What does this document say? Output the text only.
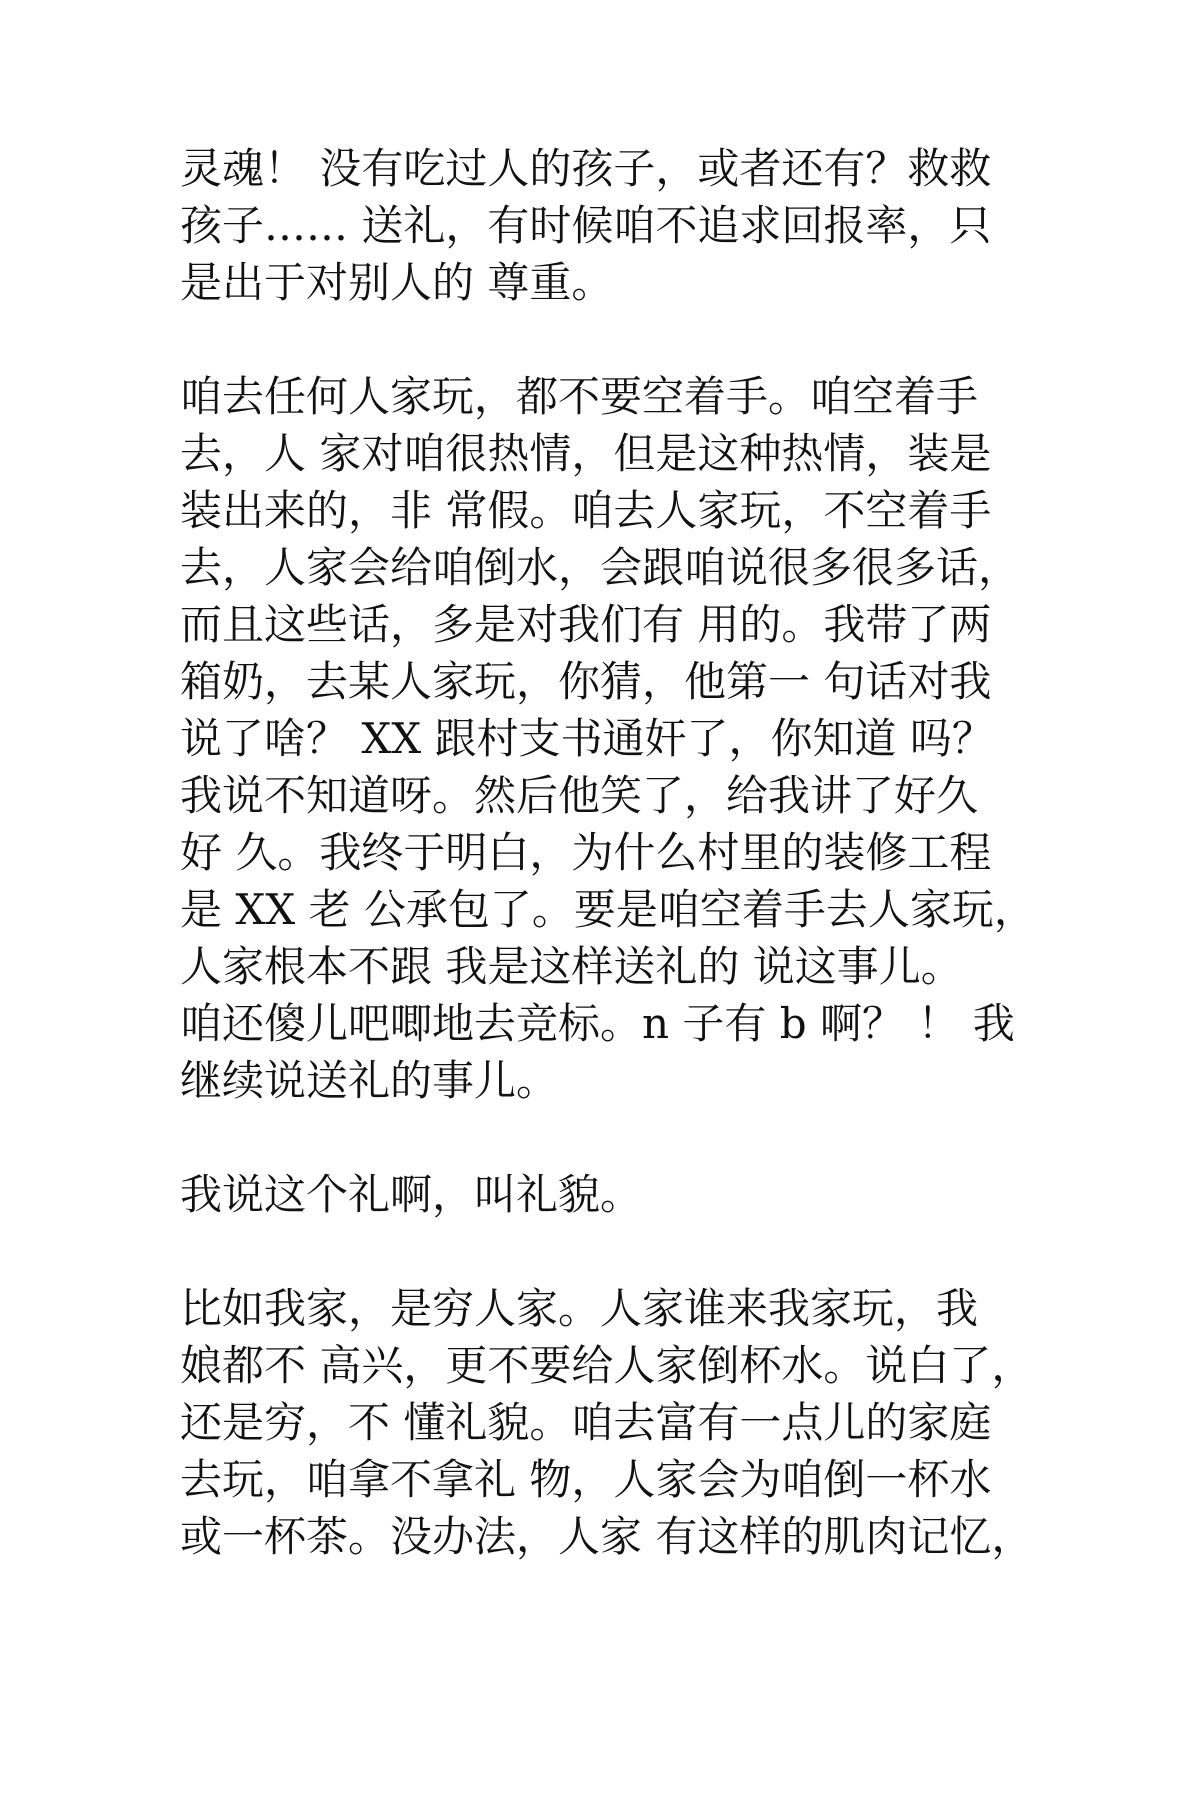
灵魂！ 没有吃过人的孩子，或者还有？救救
孩子…… 送礼，有时候咱不追求回报率，只
是出于对别人的 尊重。

咱去任何人家玩，都不要空着手。咱空着手
去，人 家对咱很热情，但是这种热情，装是
装出来的，非 常假。咱去人家玩，不空着手
去，人家会给咱倒水，会跟咱说很多很多话，
而且这些话，多是对我们有 用的。我带了两
箱奶，去某人家玩，你猜，他第一 句话对我
说了啥？ XX 跟村支书通奸了，你知道 吗？
我说不知道呀。然后他笑了，给我讲了好久
好 久。我终于明白，为什么村里的装修工程
是 XX 老 公承包了。要是咱空着手去人家玩，
人家根本不跟 我是这样送礼的 说这事儿。
咱还傻儿吧唧地去竞标。n 子有 b 啊？ ！ 我
继续说送礼的事儿。

我说这个礼啊，叫礼貌。

比如我家，是穷人家。人家谁来我家玩，我
娘都不 高兴，更不要给人家倒杯水。说白了，
还是穷，不 懂礼貌。咱去富有一点儿的家庭
去玩，咱拿不拿礼 物，人家会为咱倒一杯水
或一杯茶。没办法，人家 有这样的肌肉记忆，
